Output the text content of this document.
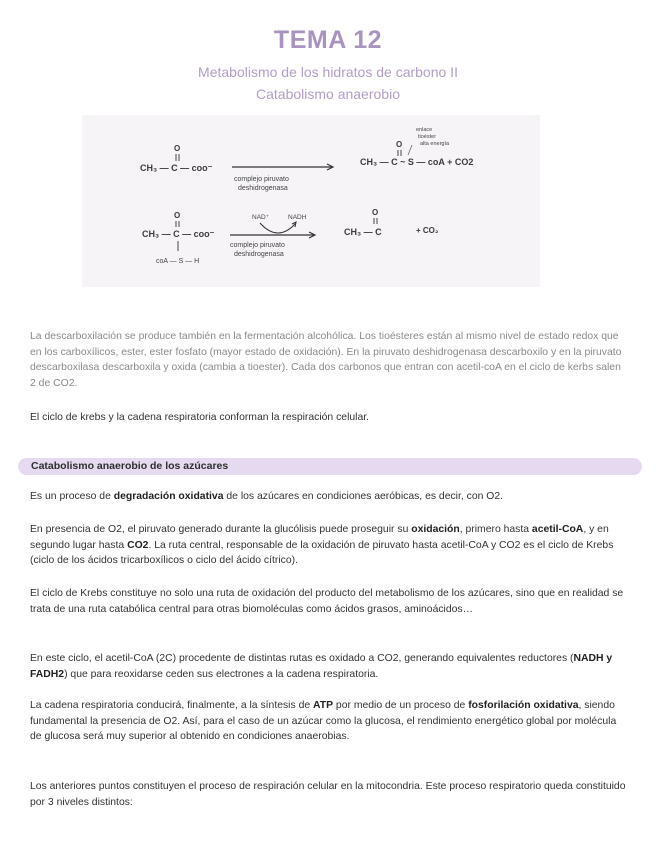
TEMA 12
Metabolismo de los hidratos de carbono II
Catabolismo anaerobio
O
CH₃ — C — coo⁻
complejo piruvato
deshidrogenasa
O
CH₃ — C ~ S — coA + CO2
enlace
tioéster
alta energía
O
CH₃ — C — coo⁻
coA — S — H
NAD⁺	NADH
complejo piruvato
deshidrogenasa
O
CH₃ — C	+ CO₂

La descarboxilación se produce también en la fermentación alcohólica. Los tioésteres están al mismo nivel de estado redox que en los carboxílicos, ester, ester fosfato (mayor estado de oxidación). En la piruvato deshidrogenasa descarboxilo y en la piruvato descarboxilasa descarboxila y oxida (cambia a tioester). Cada dos carbonos que entran con acetil-coA en el ciclo de kerbs salen 2 de CO2.

El ciclo de krebs y la cadena respiratoria conforman la respiración celular.

Catabolismo anaerobio de los azúcares

Es un proceso de degradación oxidativa de los azúcares en condiciones aeróbicas, es decir, con O2.

En presencia de O2, el piruvato generado durante la glucólisis puede proseguir su oxidación, primero hasta acetil-CoA, y en segundo lugar hasta CO2. La ruta central, responsable de la oxidación de piruvato hasta acetil-CoA y CO2 es el ciclo de Krebs (ciclo de los ácidos tricarboxílicos o ciclo del ácido cítrico).

El ciclo de Krebs constituye no solo una ruta de oxidación del producto del metabolismo de los azúcares, sino que en realidad se trata de una ruta catabólica central para otras biomoléculas como ácidos grasos, aminoácidos…

En este ciclo, el acetil-CoA (2C) procedente de distintas rutas es oxidado a CO2, generando equivalentes reductores (NADH y FADH2) que para reoxidarse ceden sus electrones a la cadena respiratoria.

La cadena respiratoria conducirá, finalmente, a la síntesis de ATP por medio de un proceso de fosforilación oxidativa, siendo fundamental la presencia de O2. Así, para el caso de un azúcar como la glucosa, el rendimiento energético global por molécula de glucosa será muy superior al obtenido en condiciones anaerobias.

Los anteriores puntos constituyen el proceso de respiración celular en la mitocondria. Este proceso respiratorio queda constituido por 3 niveles distintos:
